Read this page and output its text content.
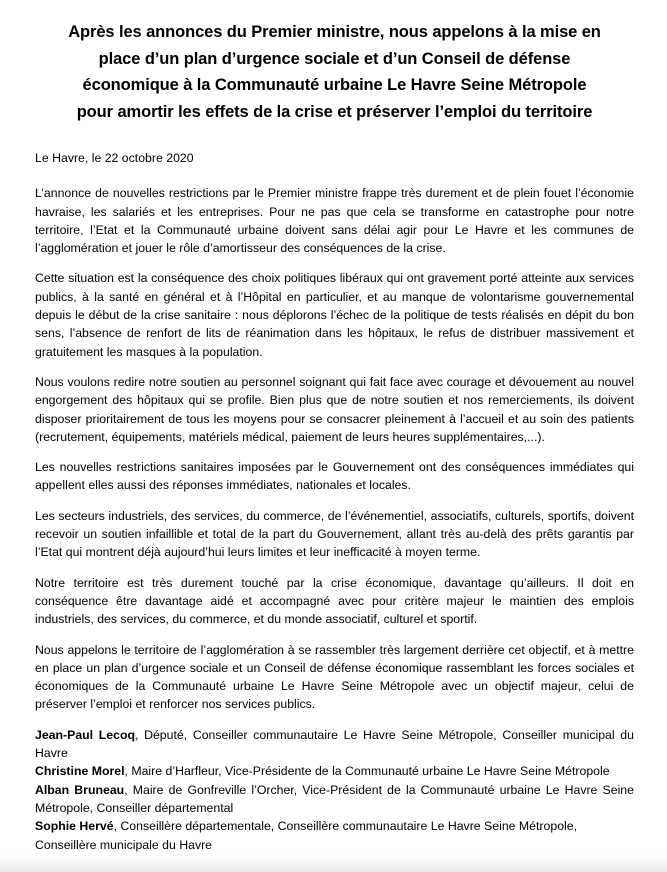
Après les annonces du Premier ministre, nous appelons à la mise en
place d’un plan d’urgence sociale et d’un Conseil de défense
économique à la Communauté urbaine Le Havre Seine Métropole
pour amortir les effets de la crise et préserver l’emploi du territoire

Le Havre, le 22 octobre 2020

L’annonce de nouvelles restrictions par le Premier ministre frappe très durement et de plein fouet l’économie havraise, les salariés et les entreprises. Pour ne pas que cela se transforme en catastrophe pour notre territoire, l’Etat et la Communauté urbaine doivent sans délai agir pour Le Havre et les communes de l’agglomération et jouer le rôle d’amortisseur des conséquences de la crise.

Cette situation est la conséquence des choix politiques libéraux qui ont gravement porté atteinte aux services publics, à la santé en général et à l’Hôpital en particulier, et au manque de volontarisme gouvernemental depuis le début de la crise sanitaire : nous déplorons l’échec de la politique de tests réalisés en dépit du bon sens, l’absence de renfort de lits de réanimation dans les hôpitaux, le refus de distribuer massivement et gratuitement les masques à la population.

Nous voulons redire notre soutien au personnel soignant qui fait face avec courage et dévouement au nouvel engorgement des hôpitaux qui se profile. Bien plus que de notre soutien et nos remerciements, ils doivent disposer prioritairement de tous les moyens pour se consacrer pleinement à l’accueil et au soin des patients (recrutement, équipements, matériels médical, paiement de leurs heures supplémentaires,...).

Les nouvelles restrictions sanitaires imposées par le Gouvernement ont des conséquences immédiates qui appellent elles aussi des réponses immédiates, nationales et locales.

Les secteurs industriels, des services, du commerce, de l’événementiel, associatifs, culturels, sportifs, doivent recevoir un soutien infaillible et total de la part du Gouvernement, allant très au-delà des prêts garantis par l’Etat qui montrent déjà aujourd’hui leurs limites et leur inefficacité à moyen terme.

Notre territoire est très durement touché par la crise économique, davantage qu’ailleurs. Il doit en conséquence être davantage aidé et accompagné avec pour critère majeur le maintien des emplois industriels, des services, du commerce, et du monde associatif, culturel et sportif.

Nous appelons le territoire de l’agglomération à se rassembler très largement derrière cet objectif, et à mettre en place un plan d’urgence sociale et un Conseil de défense économique rassemblant les forces sociales et économiques de la Communauté urbaine Le Havre Seine Métropole avec un objectif majeur, celui de préserver l’emploi et renforcer nos services publics.

Jean-Paul Lecoq, Député, Conseiller communautaire Le Havre Seine Métropole, Conseiller municipal du Havre

Christine Morel, Maire d’Harfleur, Vice-Présidente de la Communauté urbaine Le Havre Seine Métropole

Alban Bruneau, Maire de Gonfreville l’Orcher, Vice-Président de la Communauté urbaine Le Havre Seine Métropole, Conseiller départemental

Sophie Hervé, Conseillère départementale, Conseillère communautaire Le Havre Seine Métropole, Conseillère municipale du Havre
